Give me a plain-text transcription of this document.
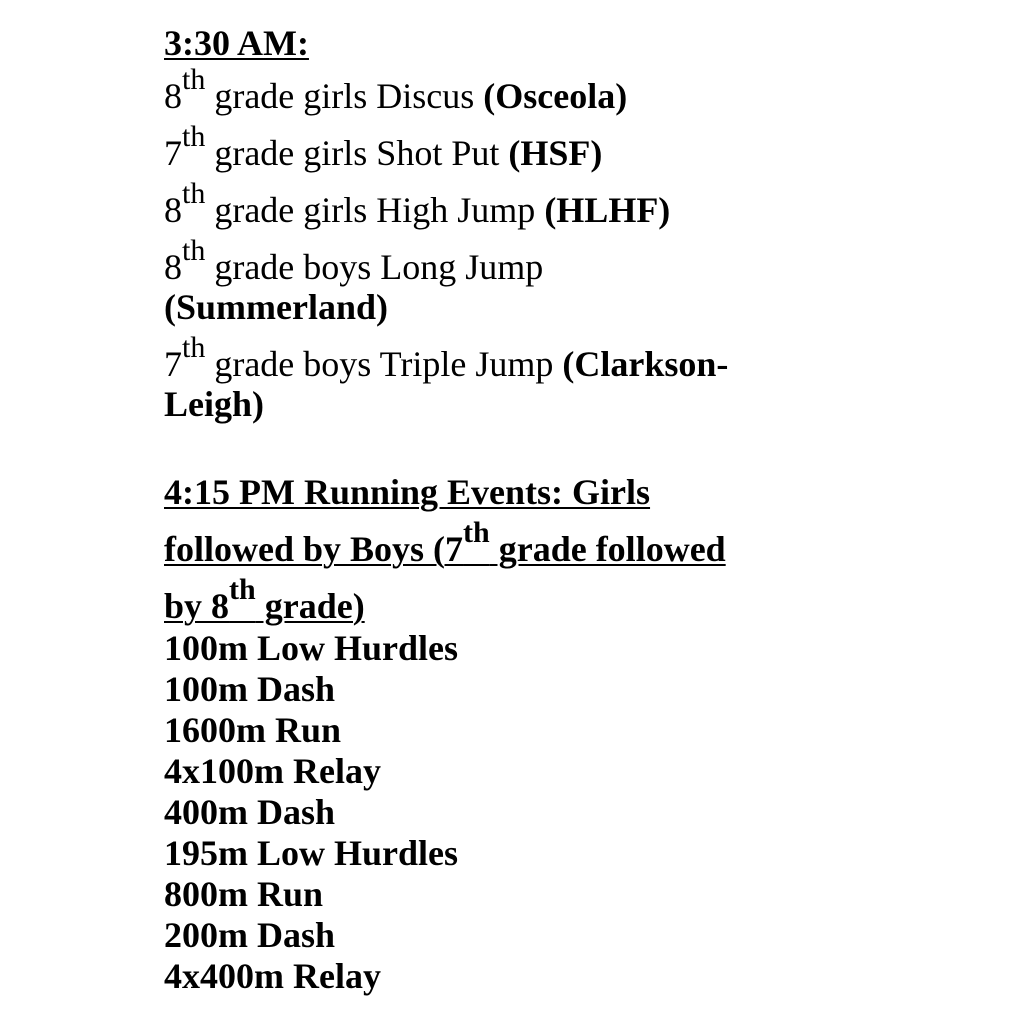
3:30 AM:
8th grade girls Discus (Osceola)
7th grade girls Shot Put (HSF)
8th grade girls High Jump (HLHF)
8th grade boys Long Jump
(Summerland)
7th grade boys Triple Jump (Clarkson-
Leigh)
4:15 PM Running Events: Girls
followed by Boys (7th grade followed
by 8th grade)
100m Low Hurdles
100m Dash
1600m Run
4x100m Relay
400m Dash
195m Low Hurdles
800m Run
200m Dash
4x400m Relay
